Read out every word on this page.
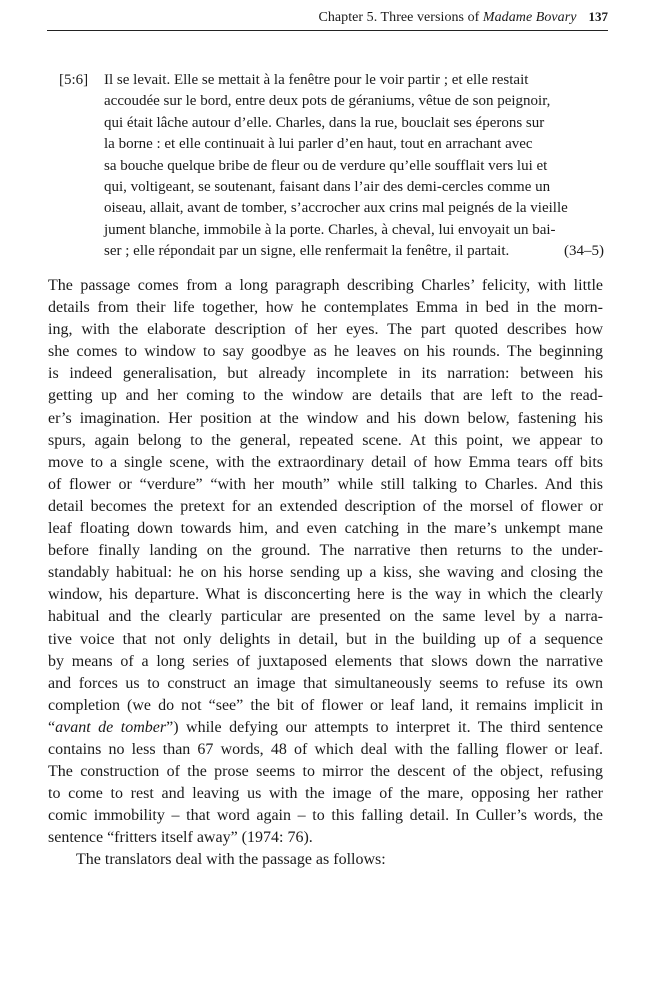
Chapter 5. Three versions of Madame Bovary 137
[5:6]	Il se levait. Elle se mettait à la fenêtre pour le voir partir ; et elle restait
accoudée sur le bord, entre deux pots de géraniums, vêtue de son peignoir,
qui était lâche autour d’elle. Charles, dans la rue, bouclait ses éperons sur
la borne : et elle continuait à lui parler d’en haut, tout en arrachant avec
sa bouche quelque bribe de fleur ou de verdure qu’elle soufflait vers lui et
qui, voltigeant, se soutenant, faisant dans l’air des demi-cercles comme un
oiseau, allait, avant de tomber, s’accrocher aux crins mal peignés de la vieille
jument blanche, immobile à la porte. Charles, à cheval, lui envoyait un bai-
ser ; elle répondait par un signe, elle renfermait la fenêtre, il partait.	(34–5)
The passage comes from a long paragraph describing Charles’ felicity, with little
details from their life together, how he contemplates Emma in bed in the morn-
ing, with the elaborate description of her eyes. The part quoted describes how
she comes to window to say goodbye as he leaves on his rounds. The beginning
is indeed generalisation, but already incomplete in its narration: between his
getting up and her coming to the window are details that are left to the read-
er’s imagination. Her position at the window and his down below, fastening his
spurs, again belong to the general, repeated scene. At this point, we appear to
move to a single scene, with the extraordinary detail of how Emma tears off bits
of flower or “verdure” “with her mouth” while still talking to Charles. And this
detail becomes the pretext for an extended description of the morsel of flower or
leaf floating down towards him, and even catching in the mare’s unkempt mane
before finally landing on the ground. The narrative then returns to the under-
standably habitual: he on his horse sending up a kiss, she waving and closing the
window, his departure. What is disconcerting here is the way in which the clearly
habitual and the clearly particular are presented on the same level by a narra-
tive voice that not only delights in detail, but in the building up of a sequence
by means of a long series of juxtaposed elements that slows down the narrative
and forces us to construct an image that simultaneously seems to refuse its own
completion (we do not “see” the bit of flower or leaf land, it remains implicit in
“avant de tomber”) while defying our attempts to interpret it. The third sentence
contains no less than 67 words, 48 of which deal with the falling flower or leaf.
The construction of the prose seems to mirror the descent of the object, refusing
to come to rest and leaving us with the image of the mare, opposing her rather
comic immobility – that word again – to this falling detail. In Culler’s words, the
sentence “fritters itself away” (1974: 76).
The translators deal with the passage as follows:
